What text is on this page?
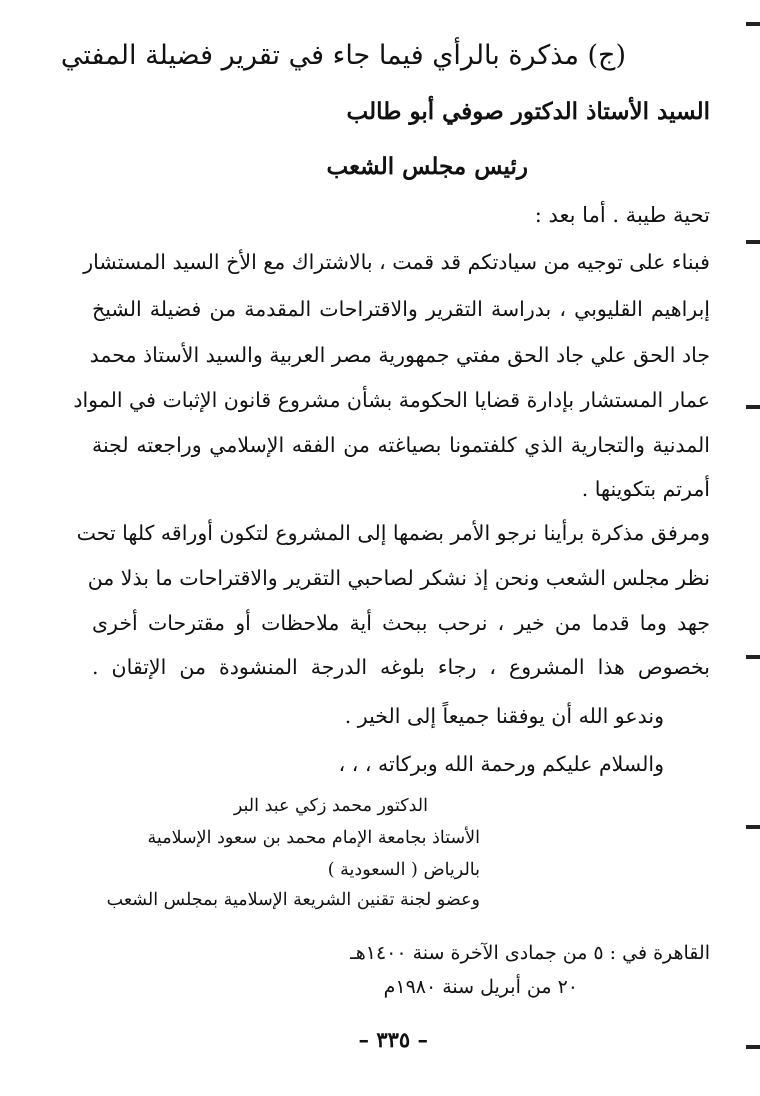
(ج) مذكرة بالرأي فيما جاء في تقرير فضيلة المفتي
السيد الأستاذ الدكتور صوفي أبو طالب
رئيس مجلس الشعب
تحية طيبة . أما بعد :
فبناء على توجيه من سيادتكم قد قمت ، بالاشتراك مع الأخ السيد المستشار
إبراهيم القليوبي ، بدراسة التقرير والاقتراحات المقدمة من فضيلة الشيخ
جاد الحق علي جاد الحق مفتي جمهورية مصر العربية والسيد الأستاذ محمد
عمار المستشار بإدارة قضايا الحكومة بشأن مشروع قانون الإثبات في المواد
المدنية والتجارية الذي كلفتمونا بصياغته من الفقه الإسلامي وراجعته لجنة
أمرتم بتكوينها .
ومرفق مذكرة برأينا نرجو الأمر بضمها إلى المشروع لتكون أوراقه كلها تحت
نظر مجلس الشعب ونحن إذ نشكر لصاحبي التقرير والاقتراحات ما بذلا من
جهد وما قدما من خير ، نرحب ببحث أية ملاحظات أو مقترحات أخرى
بخصوص هذا المشروع ، رجاء بلوغه الدرجة المنشودة من الإتقان .
وندعو الله أن يوفقنا جميعاً إلى الخير .
والسلام عليكم ورحمة الله وبركاته ، ، ،
الدكتور محمد زكي عبد البر
الأستاذ بجامعة الإمام محمد بن سعود الإسلامية
بالرياض ( السعودية )
وعضو لجنة تقنين الشريعة الإسلامية بمجلس الشعب
القاهرة في : ٥ من جمادى الآخرة سنة ١٤٠٠هـ
٢٠ من أبريل سنة ١٩٨٠م
– ٣٣٥ –
